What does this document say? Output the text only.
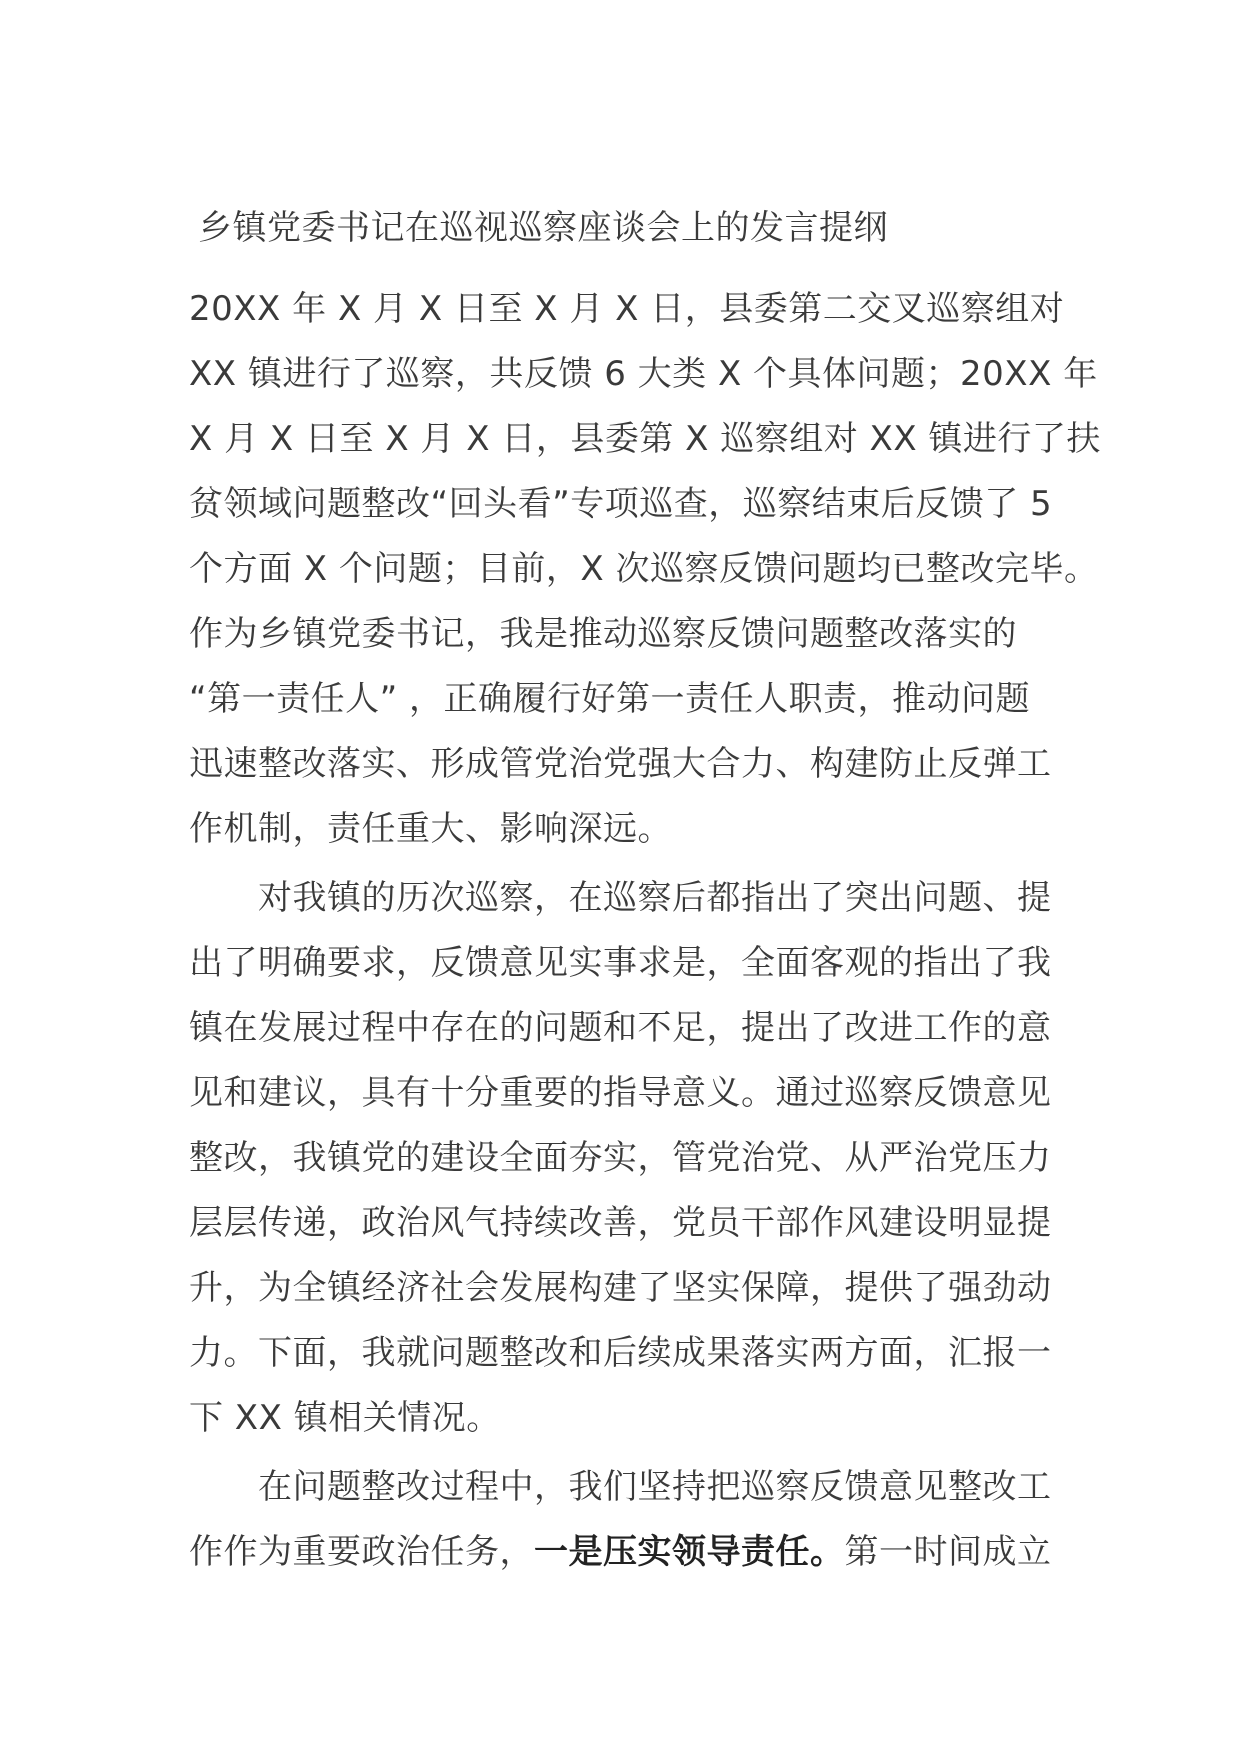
乡镇党委书记在巡视巡察座谈会上的发言提纲
20XX 年 X 月 X 日至 X 月 X 日，县委第二交叉巡察组对
XX 镇进行了巡察，共反馈 6 大类 X 个具体问题；20XX 年
X 月 X 日至 X 月 X 日，县委第 X 巡察组对 XX 镇进行了扶
贫领域问题整改“回头看”专项巡查，巡察结束后反馈了 5
个方面 X 个问题；目前，X 次巡察反馈问题均已整改完毕。
作为乡镇党委书记，我是推动巡察反馈问题整改落实的
“第一责任人” ，正确履行好第一责任人职责，推动问题
迅速整改落实、形成管党治党强大合力、构建防止反弹工
作机制，责任重大、影响深远。
　　对我镇的历次巡察，在巡察后都指出了突出问题、提
出了明确要求，反馈意见实事求是，全面客观的指出了我
镇在发展过程中存在的问题和不足，提出了改进工作的意
见和建议，具有十分重要的指导意义。通过巡察反馈意见
整改，我镇党的建设全面夯实，管党治党、从严治党压力
层层传递，政治风气持续改善，党员干部作风建设明显提
升，为全镇经济社会发展构建了坚实保障，提供了强劲动
力。下面，我就问题整改和后续成果落实两方面，汇报一
下 XX 镇相关情况。
　　在问题整改过程中，我们坚持把巡察反馈意见整改工
作作为重要政治任务，一是压实领导责任。第一时间成立
